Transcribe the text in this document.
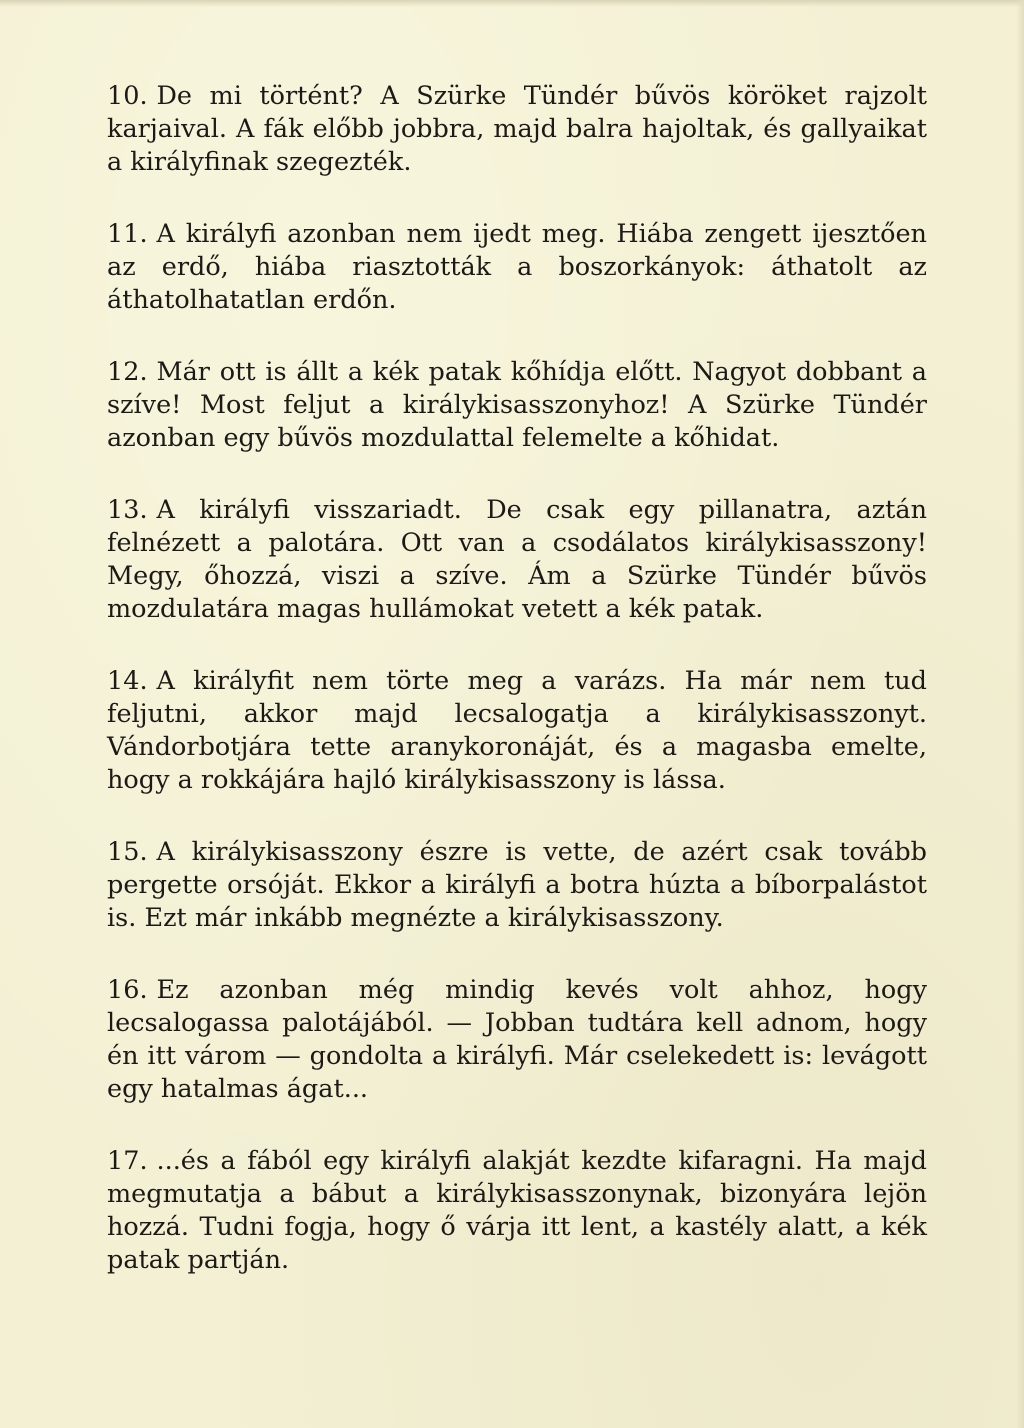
10. De mi történt? A Szürke Tündér bűvös köröket rajzolt karjaival. A fák előbb jobbra, majd balra hajoltak, és gallyaikat a királyfinak szegezték.

11. A királyfi azonban nem ijedt meg. Hiába zengett ijesztően az erdő, hiába riasztották a boszorkányok: áthatolt az áthatolhatatlan erdőn.

12. Már ott is állt a kék patak kőhídja előtt. Nagyot dobbant a szíve! Most feljut a királykisasszonyhoz! A Szürke Tündér azonban egy bűvös mozdulattal felemelte a kőhidat.

13. A királyfi visszariadt. De csak egy pillanatra, aztán felnézett a palotára. Ott van a csodálatos királykisasszony! Megy, őhozzá, viszi a szíve. Ám a Szürke Tündér bűvös mozdulatára magas hullámokat vetett a kék patak.

14. A királyfit nem törte meg a varázs. Ha már nem tud feljutni, akkor majd lecsalogatja a királykisasszonyt. Vándorbotjára tette aranykoronáját, és a magasba emelte, hogy a rokkájára hajló királykisasszony is lássa.

15. A királykisasszony észre is vette, de azért csak tovább pergette orsóját. Ekkor a királyfi a botra húzta a bíborpalástot is. Ezt már inkább megnézte a királykisasszony.

16. Ez azonban még mindig kevés volt ahhoz, hogy lecsalogassa palotájából. — Jobban tudtára kell adnom, hogy én itt várom — gondolta a királyfi. Már cselekedett is: levágott egy hatalmas ágat...

17. ...és a fából egy királyfi alakját kezdte kifaragni. Ha majd megmutatja a bábut a királykisasszonynak, bizonyára lejön hozzá. Tudni fogja, hogy ő várja itt lent, a kastély alatt, a kék patak partján.
